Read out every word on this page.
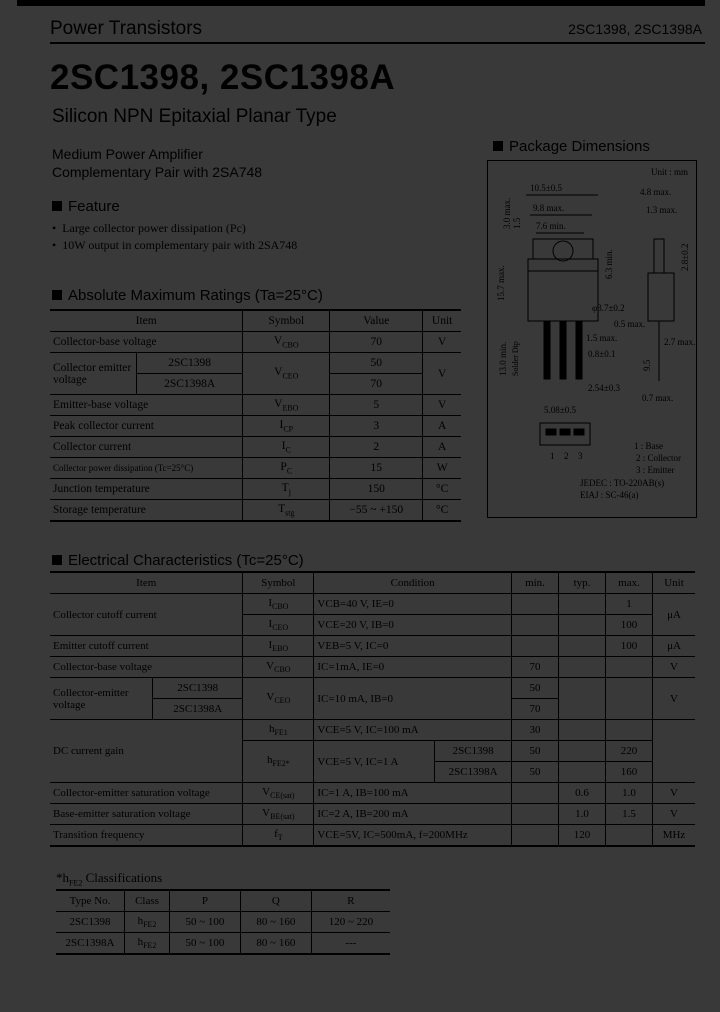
Power Transistors	2SC1398, 2SC1398A
2SC1398, 2SC1398A
Silicon NPN Epitaxial Planar Type
Medium Power Amplifier
Complementary Pair with 2SA748
Feature
•  Large collector power dissipation (Pc)
•  10W output in complementary pair with 2SA748
Absolute Maximum Ratings (Ta=25°C)
Item		Symbol	Value	Unit
Collector-base voltage		$V_{CBO}$	70	V
Collector emitter voltage	2SC1398	$V_{CEO}$	50	V
	2SC1398A		70	
Emitter-base voltage		$V_{EBO}$	5	V
Peak collector current		$I_{CP}$	3	A
Collector current		$I_C$	2	A
Collector power dissipation (Tc=25°C)		$P_C$	15	W
Junction temperature		$T_j$	150	°C
Storage temperature		$T_{stg}$	−55 ~ +150	°C
Package Dimensions
Unit : mm
10.5±0.5
9.8 max.
7.6 min.
15.7 max.
3.0 max. 1.5
6.3 min.
φ3.7±0.2
13.0 min. Solder Dip
1.5 max.
0.8±0.1
2.54±0.3
5.08±0.5
4.8 max.
1.3 max.
2.8±0.2
0.5 max.
2.7 max.
9.5
0.7 max.
1 2 3
1 : Base
2 : Collector
3 : Emitter
JEDEC : TO-220AB(s)
EIAJ : SC-46(a)
Electrical Characteristics (Tc=25°C)
Item		Symbol	Condition		min.	typ.	max.	Unit
Collector cutoff current		$I_{CBO}$	VCB=40 V, IE=0				1	μA
		$I_{CEO}$	VCE=20 V, IB=0				100	
Emitter cutoff current		$I_{EBO}$	VEB=5 V, IC=0				100	μA
Collector-base voltage		$V_{CBO}$	IC=1mA, IE=0		70			V
Collector-emitter voltage	2SC1398	$V_{CEO}$	IC=10 mA, IB=0		50			V
	2SC1398A				70			
DC current gain		$h_{FE1}$	VCE=5 V, IC=100 mA		30			
		$h_{FE2*}$	VCE=5 V, IC=1 A	2SC1398	50		220	
				2SC1398A	50		160	
Collector-emitter saturation voltage		$V_{CE(sat)}$	IC=1 A, IB=100 mA			0.6	1.0	V
Base-emitter saturation voltage		$V_{BE(sat)}$	IC=2 A, IB=200 mA			1.0	1.5	V
Transition frequency		$f_T$	VCE=5V, IC=500mA, f=200MHz			120		MHz
$*h_{FE2}$ Classifications
Type No.	Class	P	Q	R
2SC1398	$h_{FE2}$	50 ~ 100	80 ~ 160	120 ~ 220
2SC1398A	$h_{FE2}$	50 ~ 100	80 ~ 160	---
